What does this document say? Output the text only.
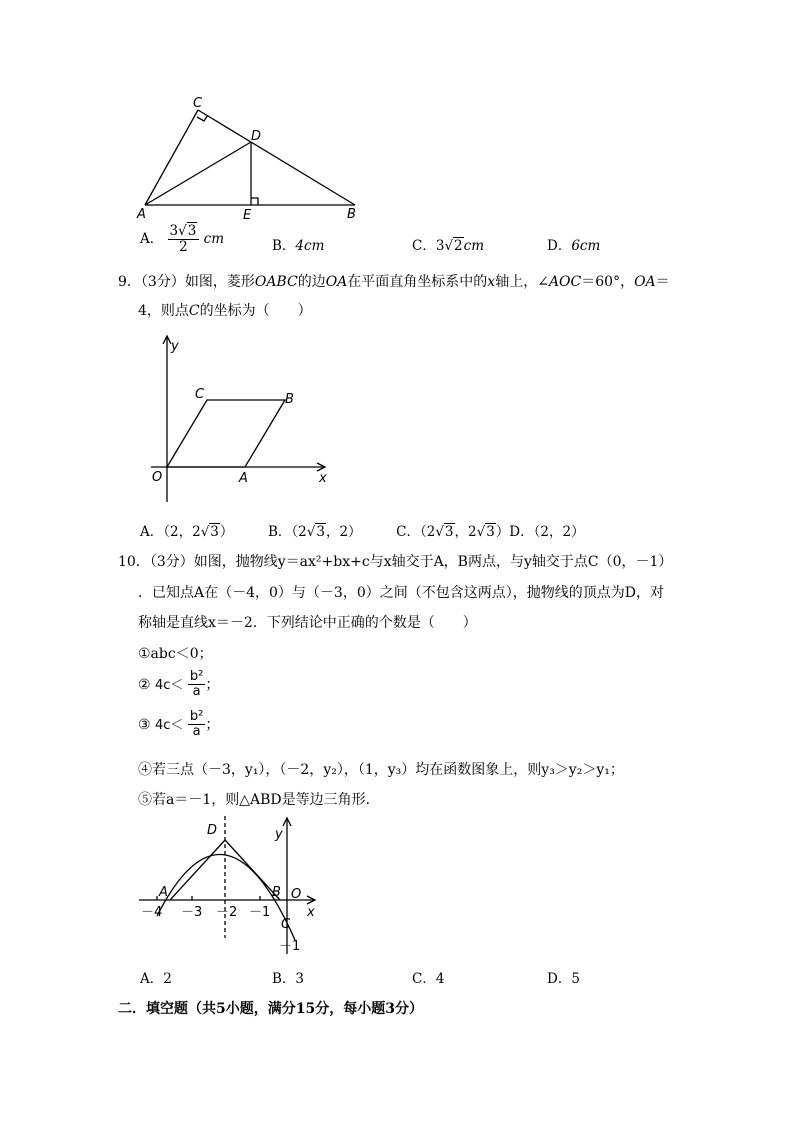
C
D
A	E	B
A． $\frac{3√3}{2}$ cm	B．4cm	C．3√2cm	D．6cm
9．（3分）如图，菱形OABC的边OA在平面直角坐标系中的x轴上，∠AOC＝60°，OA＝
4，则点C的坐标为（　　）
y
x
O	A
B
C
A．（2，2√3）	B．（2√3，2）	C．（2√3，2√3）D．（2，2）
10．（3分）如图，抛物线y＝ax²+bx+c与x轴交于A，B两点，与y轴交于点C（0，－1）
．已知点A在（－4，0）与（－3，0）之间（不包含这两点），抛物线的顶点为D，对
称轴是直线x＝－2．下列结论中正确的个数是（　　）
①abc＜0；
② $4c< \frac{\text{b²}}{a}$ ；
③ $4c< \frac{\text{b²}}{a}$ ；
④若三点（－3，y₁），（－2，y₂），（1，y₃）均在函数图象上，则y₃＞y₂＞y₁；
⑤若a＝－1，则△ABD是等边三角形．
D	y
A	B O
x
C
－4 －3 －2 －1
－1
A．2	B．3	C．4	D．5
二．填空题（共5小题，满分15分，每小题3分）
